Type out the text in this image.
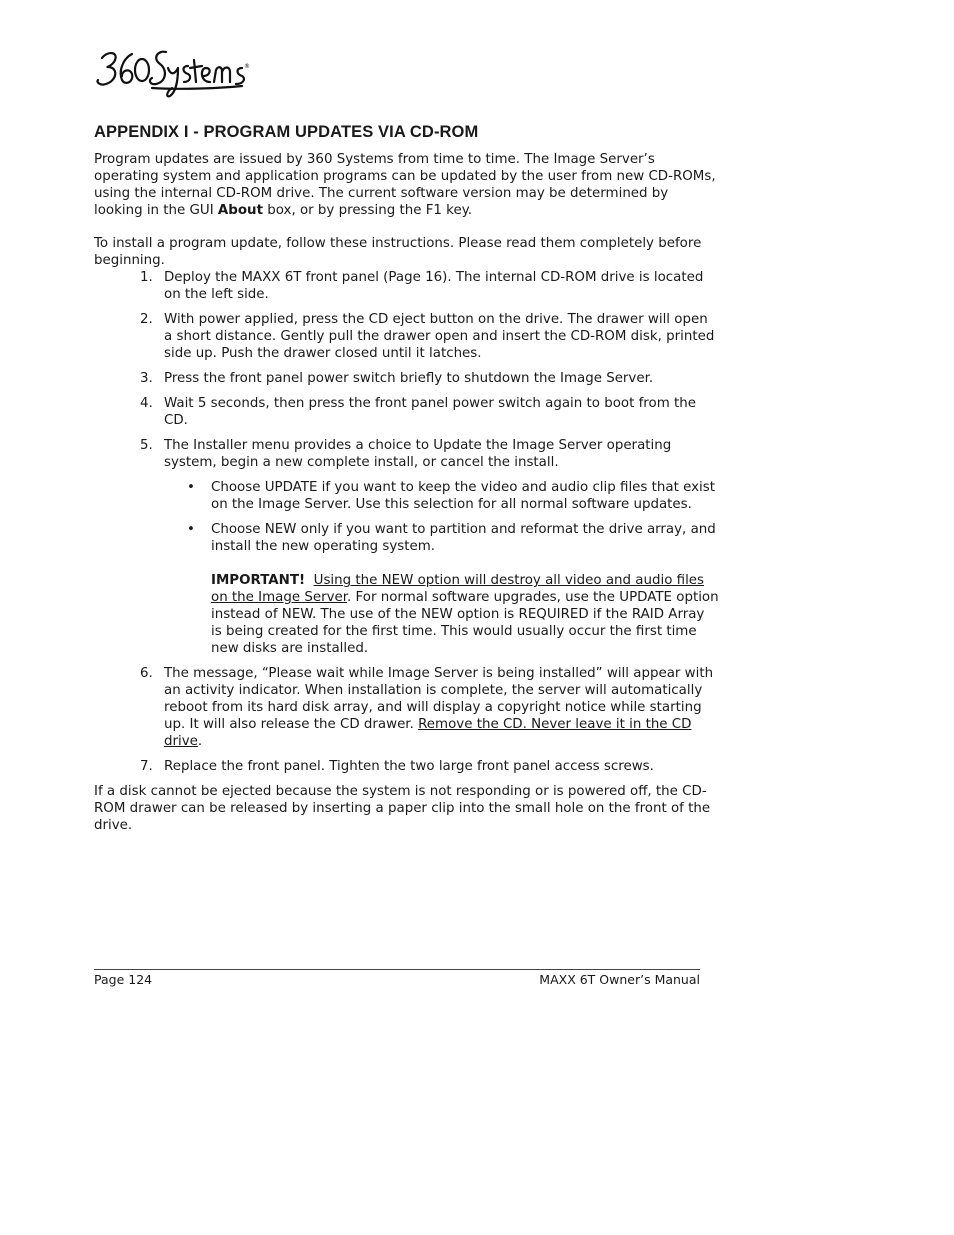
®
APPENDIX I - PROGRAM UPDATES VIA CD-ROM

Program updates are issued by 360 Systems from time to time. The Image Server’s operating system and application programs can be updated by the user from new CD-ROMs, using the internal CD-ROM drive. The current software version may be determined by looking in the GUI About box, or by pressing the F1 key.

To install a program update, follow these instructions. Please read them completely before beginning.

1. Deploy the MAXX 6T front panel (Page 16). The internal CD-ROM drive is located on the left side.
2. With power applied, press the CD eject button on the drive. The drawer will open a short distance. Gently pull the drawer open and insert the CD-ROM disk, printed side up. Push the drawer closed until it latches.
3. Press the front panel power switch briefly to shutdown the Image Server.
4. Wait 5 seconds, then press the front panel power switch again to boot from the CD.
5. The Installer menu provides a choice to Update the Image Server operating system, begin a new complete install, or cancel the install.
• Choose UPDATE if you want to keep the video and audio clip files that exist on the Image Server. Use this selection for all normal software updates.
• Choose NEW only if you want to partition and reformat the drive array, and install the new operating system.

IMPORTANT! Using the NEW option will destroy all video and audio files on the Image Server. For normal software upgrades, use the UPDATE option instead of NEW. The use of the NEW option is REQUIRED if the RAID Array is being created for the first time. This would usually occur the first time new disks are installed.

6. The message, “Please wait while Image Server is being installed” will appear with an activity indicator. When installation is complete, the server will automatically reboot from its hard disk array, and will display a copyright notice while starting up. It will also release the CD drawer. Remove the CD. Never leave it in the CD drive.
7. Replace the front panel. Tighten the two large front panel access screws.

If a disk cannot be ejected because the system is not responding or is powered off, the CD-ROM drawer can be released by inserting a paper clip into the small hole on the front of the drive.

Page 124	MAXX 6T Owner’s Manual
